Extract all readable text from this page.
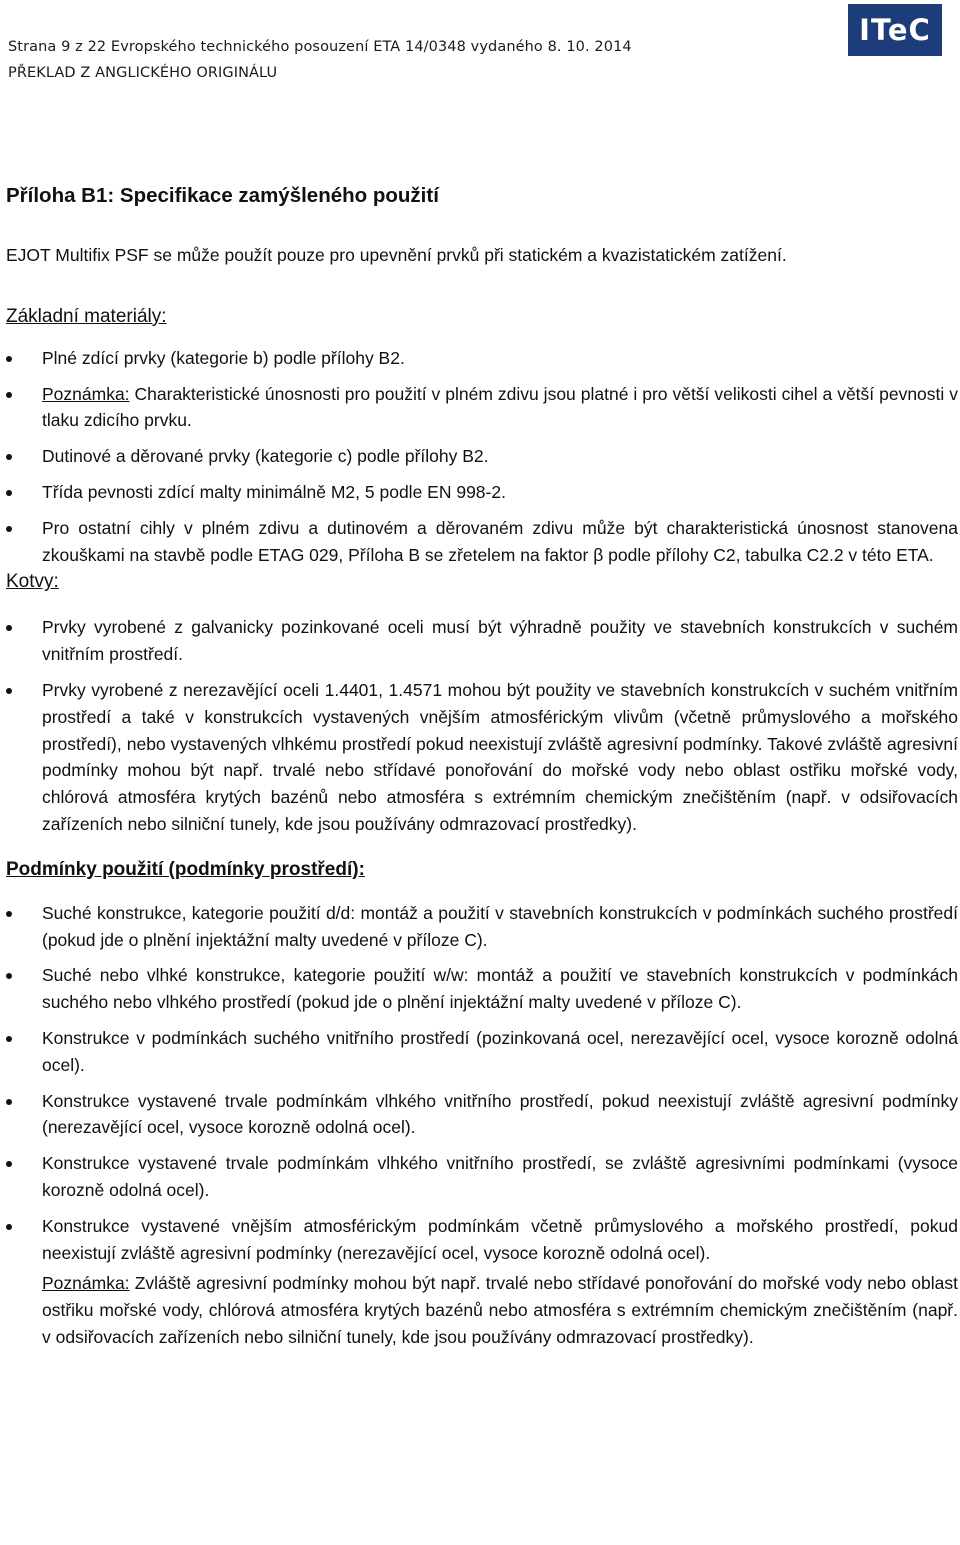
Strana 9 z 22 Evropského technického posouzení ETA 14/0348 vydaného 8. 10. 2014
PŘEKLAD Z ANGLICKÉHO ORIGINÁLU
ITeC
Příloha B1: Specifikace zamýšleného použití
EJOT Multifix PSF se může použít pouze pro upevnění prvků při statickém a kvazistatickém zatížení.
Základní materiály:
Plné zdící prvky (kategorie b) podle přílohy B2.
Poznámka: Charakteristické únosnosti pro použití v plném zdivu jsou platné i pro větší velikosti cihel a větší pevnosti v tlaku zdicího prvku.
Dutinové a děrované prvky (kategorie c) podle přílohy B2.
Třída pevnosti zdící malty minimálně M2, 5 podle EN 998-2.
Pro ostatní cihly v plném zdivu a dutinovém a děrovaném zdivu může být charakteristická únosnost stanovena zkouškami na stavbě podle ETAG 029, Příloha B se zřetelem na faktor β podle přílohy C2, tabulka C2.2 v této ETA.
Kotvy:
Prvky vyrobené z galvanicky pozinkované oceli musí být výhradně použity ve stavebních konstrukcích v suchém vnitřním prostředí.
Prvky vyrobené z nerezavějící oceli 1.4401, 1.4571 mohou být použity ve stavebních konstrukcích v suchém vnitřním prostředí a také v konstrukcích vystavených vnějším atmosférickým vlivům (včetně průmyslového a mořského prostředí), nebo vystavených vlhkému prostředí pokud neexistují zvláště agresivní podmínky. Takové zvláště agresivní podmínky mohou být např. trvalé nebo střídavé ponořování do mořské vody nebo oblast ostřiku mořské vody, chlórová atmosféra krytých bazénů nebo atmosféra s extrémním chemickým znečištěním (např. v odsiřovacích zařízeních nebo silniční tunely, kde jsou používány odmrazovací prostředky).
Podmínky použití (podmínky prostředí):
Suché konstrukce, kategorie použití d/d: montáž a použití v stavebních konstrukcích v podmínkách suchého prostředí (pokud jde o plnění injektážní malty uvedené v příloze C).
Suché nebo vlhké konstrukce, kategorie použití w/w: montáž a použití ve stavebních konstrukcích v podmínkách suchého nebo vlhkého prostředí (pokud jde o plnění injektážní malty uvedené v příloze C).
Konstrukce v podmínkách suchého vnitřního prostředí (pozinkovaná ocel, nerezavějící ocel, vysoce korozně odolná ocel).
Konstrukce vystavené trvale podmínkám vlhkého vnitřního prostředí, pokud neexistují zvláště agresivní podmínky (nerezavějící ocel, vysoce korozně odolná ocel).
Konstrukce vystavené trvale podmínkám vlhkého vnitřního prostředí, se zvláště agresivními podmínkami (vysoce korozně odolná ocel).
Konstrukce vystavené vnějším atmosférickým podmínkám včetně průmyslového a mořského prostředí, pokud neexistují zvláště agresivní podmínky (nerezavějící ocel, vysoce korozně odolná ocel).
Poznámka: Zvláště agresivní podmínky mohou být např. trvalé nebo střídavé ponořování do mořské vody nebo oblast ostřiku mořské vody, chlórová atmosféra krytých bazénů nebo atmosféra s extrémním chemickým znečištěním (např. v odsiřovacích zařízeních nebo silniční tunely, kde jsou používány odmrazovací prostředky).
